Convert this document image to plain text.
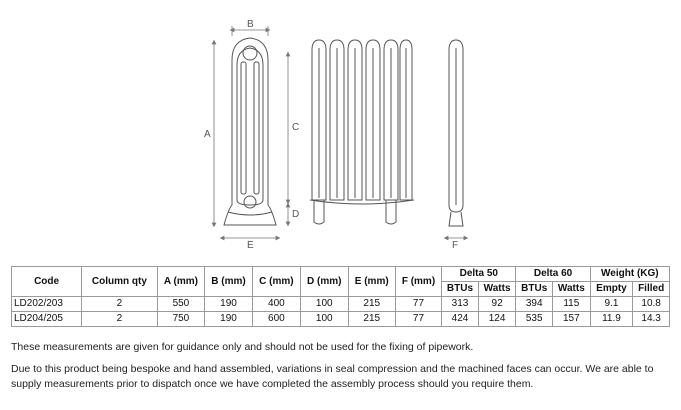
B
A
C
D
E	F
Code	Column qty	A (mm)	B (mm)	C (mm)	D (mm)	E (mm)	F (mm)	Delta 50		Delta 60		Weight (KG)	
								BTUs	Watts	BTUs	Watts	Empty	Filled
LD202/203	2	550	190	400	100	215	77	313	92	394	115	9.1	10.8
LD204/205	2	750	190	600	100	215	77	424	124	535	157	11.9	14.3

These measurements are given for guidance only and should not be used for the fixing of pipework.

Due to this product being bespoke and hand assembled, variations in seal compression and the machined faces can occur. We are able to supply measurements prior to dispatch once we have completed the assembly process should you require them.
